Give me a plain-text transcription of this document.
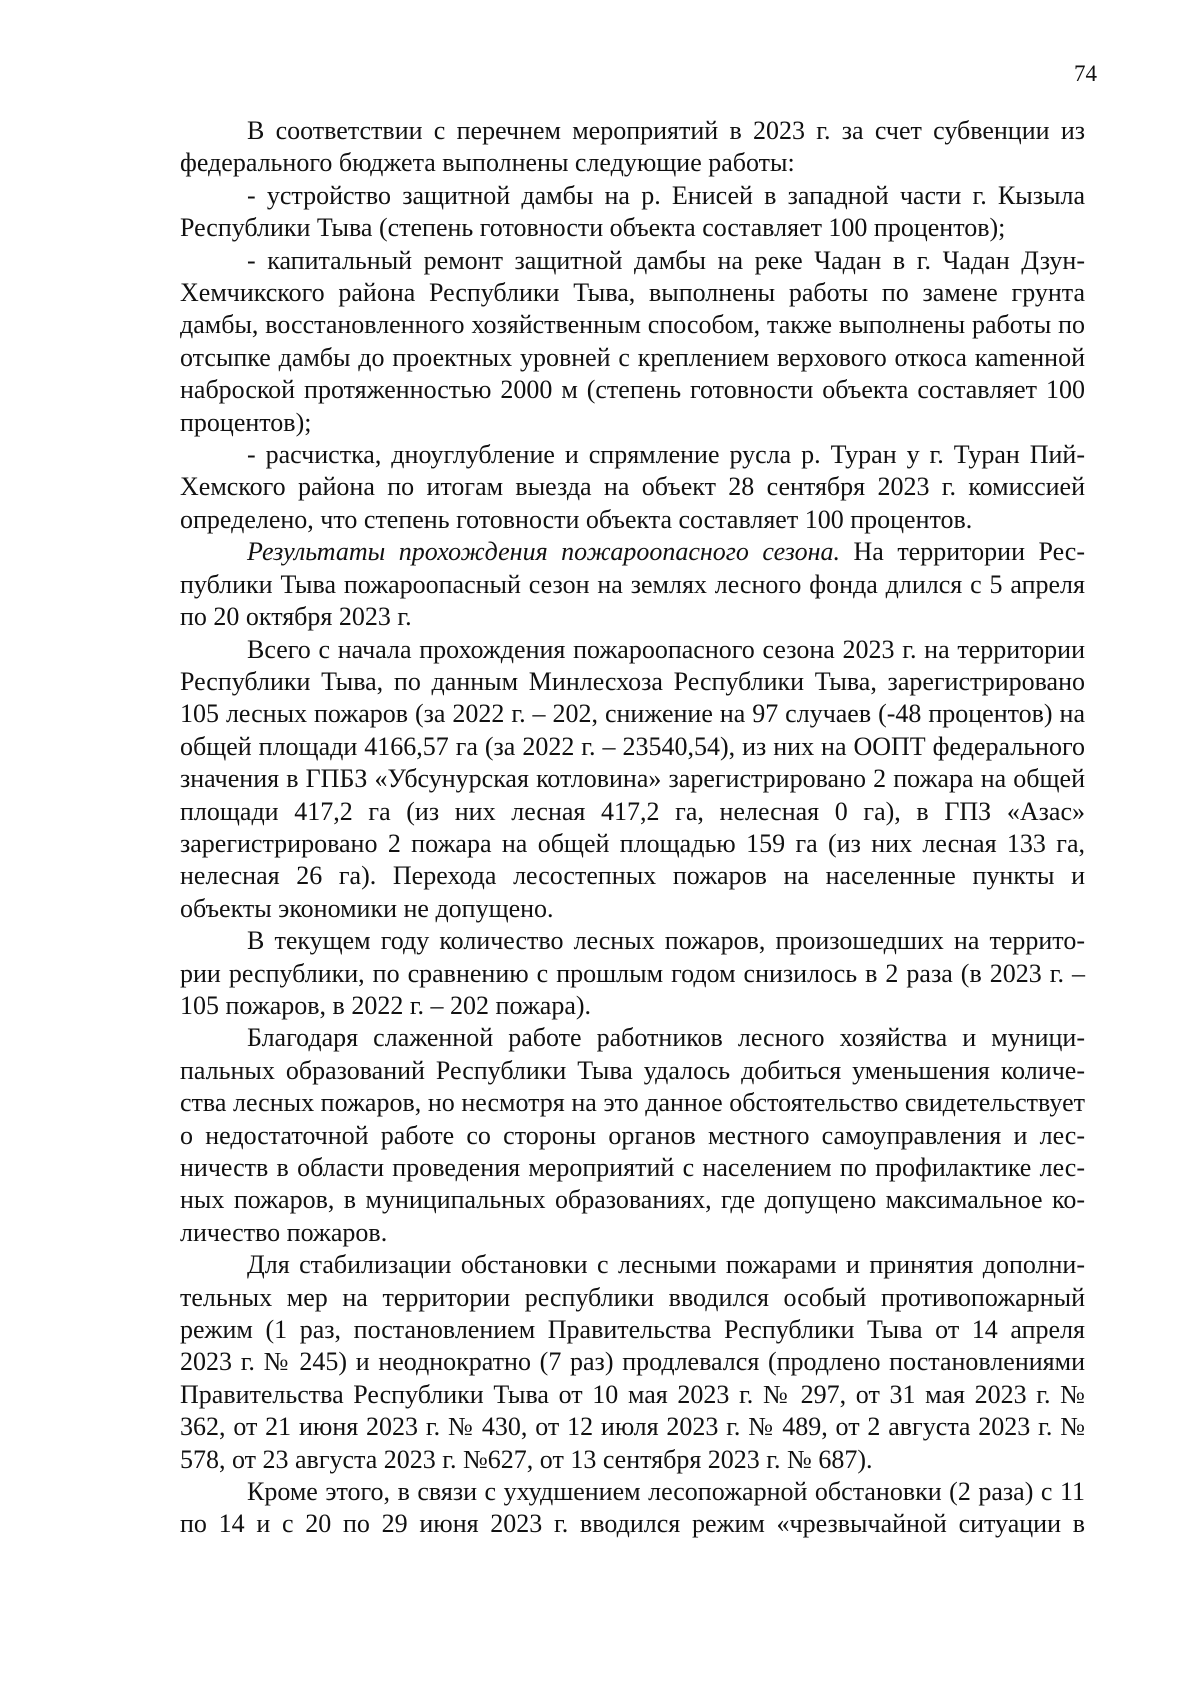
74

В соответствии с перечнем мероприятий в 2023 г. за счет субвенции из федерального бюджета выполнены следующие работы:

- устройство защитной дамбы на р. Енисей в западной части г. Кызыла Республики Тыва (степень готовности объекта составляет 100 процентов);

- капитальный ремонт защитной дамбы на реке Чадан в г. Чадан Дзун-Хемчикского района Республики Тыва, выполнены работы по замене грунта дамбы, восстановленного хозяйственным способом, также выполнены работы по отсыпке дамбы до проектных уровней с креплением верхового откоса каmенной наброской протяженностью 2000 м (степень готовности объекта составляет 100 процентов);

- расчистка, дноуглубление и спрямление русла р. Туран у г. Туран Пий-Хемского района по итогам выезда на объект 28 сентября 2023 г. комиссией определено, что степень готовности объекта составляет 100 процентов.

Результаты прохождения пожароопасного сезона. На территории Республики Тыва пожароопасный сезон на землях лесного фонда длился с 5 апреля по 20 октября 2023 г.

Всего с начала прохождения пожароопасного сезона 2023 г. на территории Республики Тыва, по данным Минлесхоза Республики Тыва, зарегистрировано 105 лесных пожаров (за 2022 г. – 202, снижение на 97 случаев (-48 процентов) на общей площади 4166,57 га (за 2022 г. – 23540,54), из них на ООПТ федерального значения в ГПБЗ «Убсунурская котловина» зарегистрировано 2 пожара на общей площади 417,2 га (из них лесная 417,2 га, нелесная 0 га), в ГПЗ «Азас» зарегистрировано 2 пожара на общей площадью 159 га (из них лесная 133 га, нелесная 26 га). Перехода лесостепных пожаров на населенные пункты и объекты экономики не допущено.

В текущем году количество лесных пожаров, произошедших на территории республики, по сравнению с прошлым годом снизилось в 2 раза (в 2023 г. – 105 пожаров, в 2022 г. – 202 пожара).

Благодаря слаженной работе работников лесного хозяйства и муниципальных образований Республики Тыва удалось добиться уменьшения количества лесных пожаров, но несмотря на это данное обстоятельство свидетельствует о недостаточной работе со стороны органов местного самоуправления и лесничеств в области проведения мероприятий с населением по профилактике лесных пожаров, в муниципальных образованиях, где допущено максимальное количество пожаров.

Для стабилизации обстановки с лесными пожарами и принятия дополнительных мер на территории республики вводился особый противопожарный режим (1 раз, постановлением Правительства Республики Тыва от 14 апреля 2023 г. № 245) и неоднократно (7 раз) продлевался (продлено постановлениями Правительства Республики Тыва от 10 мая 2023 г. № 297, от 31 мая 2023 г. № 362, от 21 июня 2023 г. № 430, от 12 июля 2023 г. № 489, от 2 августа 2023 г. № 578, от 23 августа 2023 г. №627, от 13 сентября 2023 г. № 687).

Кроме этого, в связи с ухудшением лесопожарной обстановки (2 раза) с 11 по 14 и с 20 по 29 июня 2023 г. вводился режим «чрезвычайной ситуации в
